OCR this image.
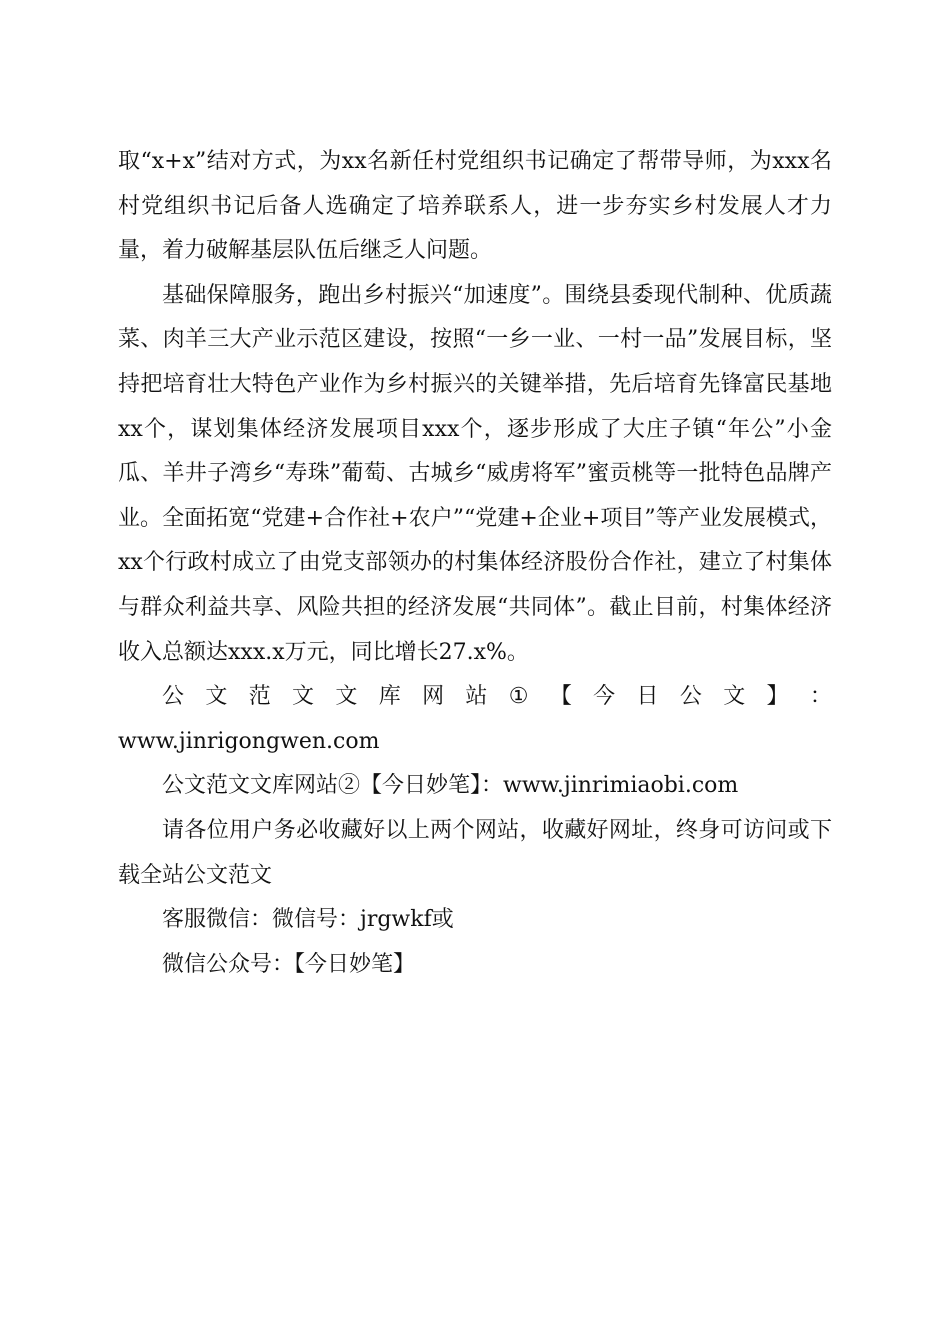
取“x+x”结对方式，为xx名新任村党组织书记确定了帮带导师，为xxx名村党组织书记后备人选确定了培养联系人，进一步夯实乡村发展人才力量，着力破解基层队伍后继乏人问题。

基础保障服务，跑出乡村振兴“加速度”。围绕县委现代制种、优质蔬菜、肉羊三大产业示范区建设，按照“一乡一业、一村一品”发展目标，坚持把培育壮大特色产业作为乡村振兴的关键举措，先后培育先锋富民基地xx个，谋划集体经济发展项目xxx个，逐步形成了大庄子镇“年公”小金瓜、羊井子湾乡“寿珠”葡萄、古城乡“威虏将军”蜜贡桃等一批特色品牌产业。全面拓宽“党建+合作社+农户”“党建+企业+项目”等产业发展模式，xx个行政村成立了由党支部领办的村集体经济股份合作社，建立了村集体与群众利益共享、风险共担的经济发展“共同体”。截止目前，村集体经济收入总额达xxx.x万元，同比增长27.x%。

公 文 范 文 文 库 网 站 ① 【 今 日 公 文 】 ：
www.jinrigongwen.com
公文范文文库网站②【今日妙笔】：www.jinrimiaobi.com

请各位用户务必收藏好以上两个网站，收藏好网址，终身可访问或下载全站公文范文

客服微信：微信号：jrgwkf或
微信公众号：【今日妙笔】
